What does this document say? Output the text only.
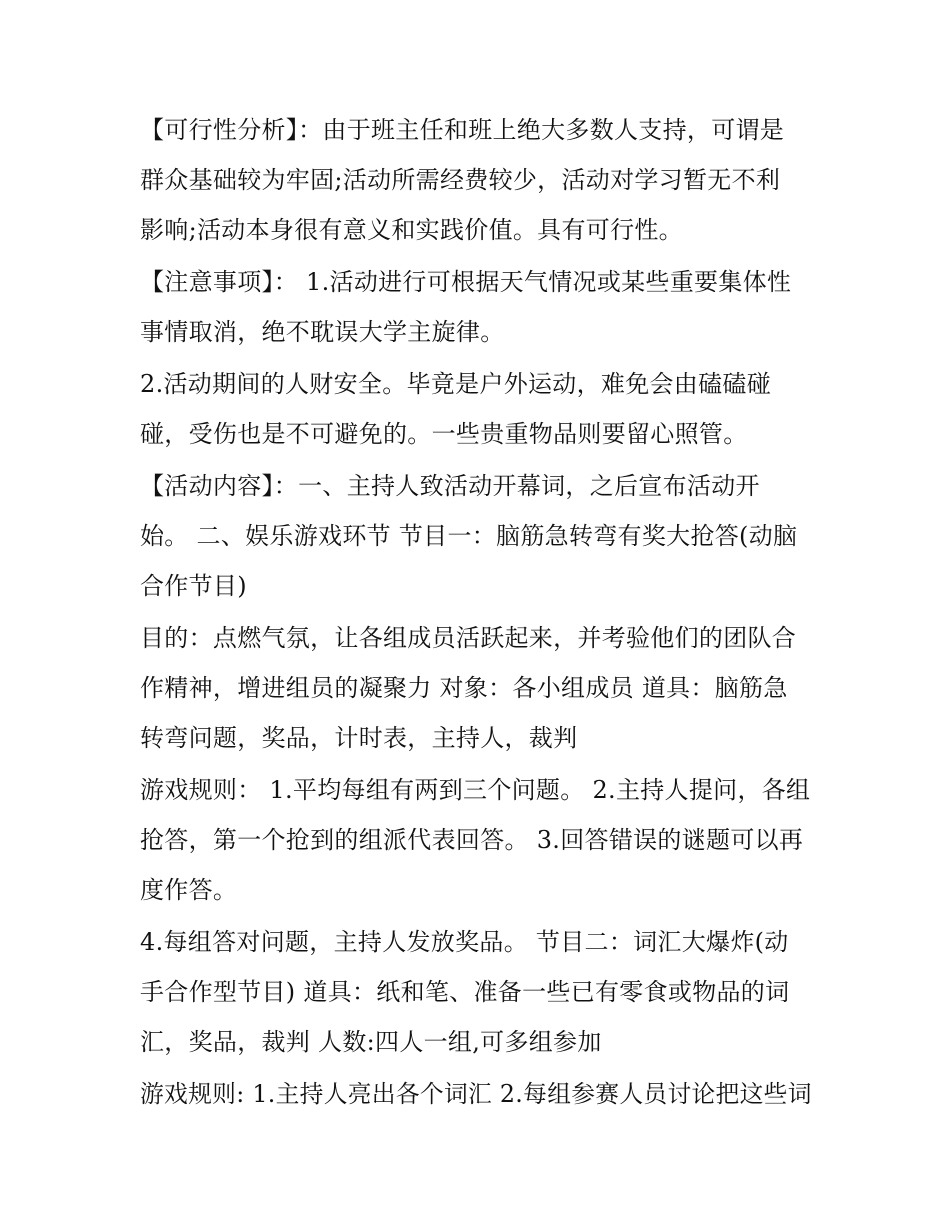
【可行性分析】：由于班主任和班上绝大多数人支持，可谓是
群众基础较为牢固;活动所需经费较少，活动对学习暂无不利
影响;活动本身很有意义和实践价值。具有可行性。
【注意事项】： 1.活动进行可根据天气情况或某些重要集体性
事情取消，绝不耽误大学主旋律。
2.活动期间的人财安全。毕竟是户外运动，难免会由磕磕碰
碰，受伤也是不可避免的。一些贵重物品则要留心照管。
【活动内容】：一、主持人致活动开幕词，之后宣布活动开
始。 二、娱乐游戏环节 节目一：脑筋急转弯有奖大抢答(动脑
合作节目)
目的：点燃气氛，让各组成员活跃起来，并考验他们的团队合
作精神，增进组员的凝聚力 对象：各小组成员 道具：脑筋急
转弯问题，奖品，计时表，主持人，裁判
游戏规则： 1.平均每组有两到三个问题。 2.主持人提问，各组
抢答，第一个抢到的组派代表回答。 3.回答错误的谜题可以再
度作答。
4.每组答对问题，主持人发放奖品。 节目二：词汇大爆炸(动
手合作型节目) 道具：纸和笔、准备一些已有零食或物品的词
汇，奖品，裁判 人数:四人一组,可多组参加
游戏规则: 1.主持人亮出各个词汇 2.每组参赛人员讨论把这些词
